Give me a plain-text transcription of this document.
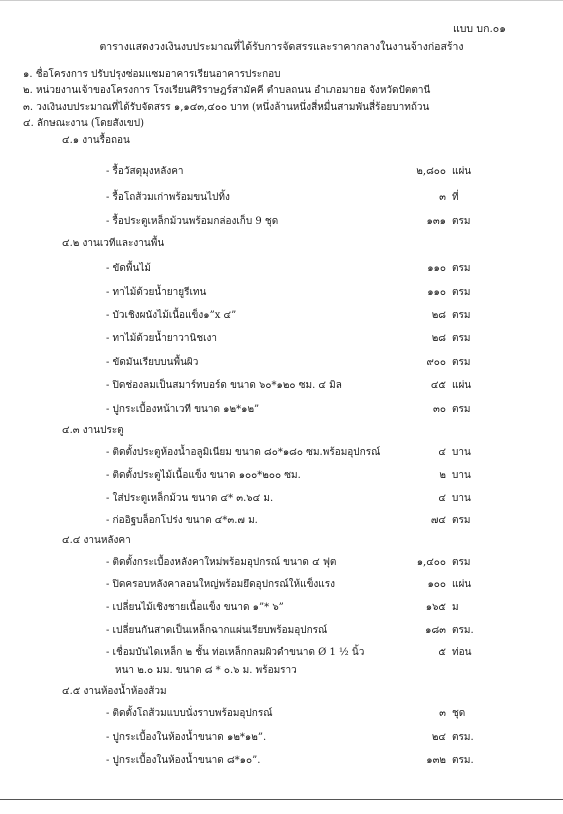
แบบ บก.๐๑
ตารางแสดงวงเงินงบประมาณที่ได้รับการจัดสรรและราคากลางในงานจ้างก่อสร้าง
๑. ชื่อโครงการ ปรับปรุงซ่อมแซมอาคารเรียนอาคารประกอบ
๒. หน่วยงานเจ้าของโครงการ โรงเรียนศิริราษฎร์สามัคคี ตำบลถนน อำเภอมายอ จังหวัดปัตตานี
๓. วงเงินงบประมาณที่ได้รับจัดสรร ๑,๑๔๓,๔๐๐ บาท (หนึ่งล้านหนึ่งสี่หมื่นสามพันสี่ร้อยบาทถ้วน
๔. ลักษณะงาน (โดยสังเขป)
๔.๑ งานรื้อถอน
- รื้อวัสดุมุงหลังคา	๒,๘๐๐ แผ่น
- รื้อโถส้วมเก่าพร้อมขนไปทิ้ง	๓ ที่
- รื้อประตูเหล็กม้วนพร้อมกล่องเก็บ 9 ชุด	๑๓๑ ตรม
๔.๒ งานเวทีและงานพื้น
- ขัดพื้นไม้	๑๑๐ ตรม
- ทาไม้ด้วยน้ำยายูรีเทน	๑๑๐ ตรม
- บัวเชิงผนังไม้เนื้อแข็ง๑”x ๔”	๒๘ ตรม
- ทาไม้ด้วยน้ำยาวานิชเงา	๒๘ ตรม
- ขัดมันเรียบบนพื้นผิว	๙๐๐ ตรม
- ปิดช่องลมเป็นสมาร์ทบอร์ด ขนาด ๖๐*๑๒๐ ซม. ๔ มิล	๔๕ แผ่น
- ปูกระเบื้องหน้าเวที ขนาด ๑๒*๑๒”	๓๐ ตรม
๔.๓ งานประตู
- ติดตั้งประตูห้องน้ำอลูมิเนียม ขนาด ๘๐*๑๘๐ ซม.พร้อมอุปกรณ์	๔ บาน
- ติดตั้งประตูไม้เนื้อแข็ง ขนาด ๑๐๐*๒๐๐ ซม.	๒ บาน
- ใส่ประตูเหล็กม้วน ขนาด ๔* ๓.๖๔ ม.	๔ บาน
- ก่ออิฐบล็อกโปร่ง ขนาด ๔*๓.๗ ม.	๗๔ ตรม
๔.๔ งานหลังคา
- ติดตั้งกระเบื้องหลังคาใหม่พร้อมอุปกรณ์ ขนาด ๔ ฟุต	๑,๔๐๐ ตรม
- ปิดครอบหลังคาลอนใหญ่พร้อมยึดอุปกรณ์ให้แข็งแรง	๑๐๐ แผ่น
- เปลี่ยนไม้เชิงชายเนื้อแข็ง ขนาด ๑”* ๖”	๑๖๕ ม
- เปลี่ยนกันสาดเป็นเหล็กฉากแผ่นเรียบพร้อมอุปกรณ์	๑๘๓ ตรม.
- เชื่อมบันไดเหล็ก ๒ ชั้น ท่อเหล็กกลมผิวดำขนาด Ø 1 ½ นิ้ว	๕ ท่อน
หนา ๒.๐ มม. ขนาด ๘ * ๐.๖ ม. พร้อมราว
๔.๕ งานห้องน้ำห้องส้วม
- ติดตั้งโถส้วมแบบนั่งราบพร้อมอุปกรณ์	๓ ชุด
- ปูกระเบื้องในห้องน้ำขนาด ๑๒*๑๒”.	๒๔ ตรม.
- ปูกระเบื้องในห้องน้ำขนาด ๘*๑๐”.	๑๓๒ ตรม.
